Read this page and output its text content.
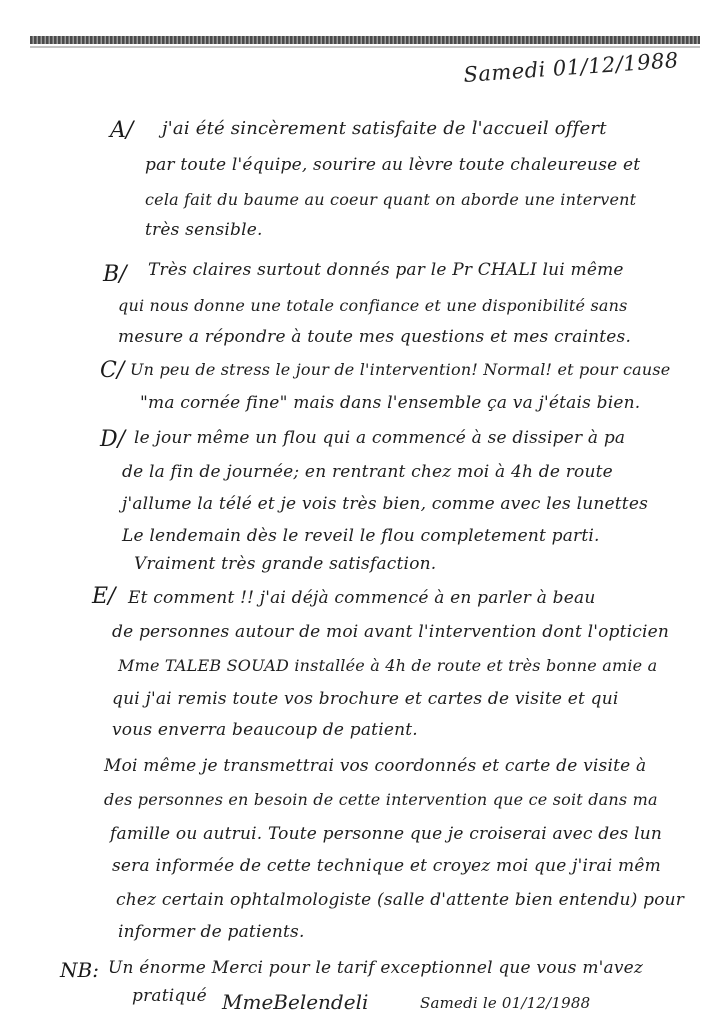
Samedi 01/12/1988
A/ j'ai été sincèrement satisfaite de l'accueil offert
par toute l'équipe, sourire au lèvre toute chaleureuse et
cela fait du baume au coeur quant on aborde une intervent
très sensible.
B/ Très claires surtout donnés par le Pr CHALI lui même
qui nous donne une totale confiance et une disponibilité sans
mesure a répondre à toute mes questions et mes craintes.
C/ Un peu de stress le jour de l'intervention! Normal! et pour cause
"ma cornée fine" mais dans l'ensemble ça va j'étais bien.
D/ le jour même un flou qui a commencé à se dissiper à pa
de la fin de journée; en rentrant chez moi à 4h de route
j'allume la télé et je vois très bien, comme avec les lunettes
Le lendemain dès le reveil le flou completement parti.
Vraiment très grande satisfaction.
E/ Et comment !! j'ai déjà commencé à en parler à beau
de personnes autour de moi avant l'intervention dont l'opticien
Mme TALEB SOUAD installée à 4h de route et très bonne amie a
qui j'ai remis toute vos brochure et cartes de visite et qui
vous enverra beaucoup de patient.
Moi même je transmettrai vos coordonnés et carte de visite à
des personnes en besoin de cette intervention que ce soit dans ma
famille ou autrui. Toute personne que je croiserai avec des lun
sera informée de cette technique et croyez moi que j'irai mêm
chez certain ophtalmologiste (salle d'attente bien entendu) pour
informer de patients.
NB: Un énorme Merci pour le tarif exceptionnel que vous m'avez
pratiqué MmeBelendeli	Samedi le 01/12/1988
